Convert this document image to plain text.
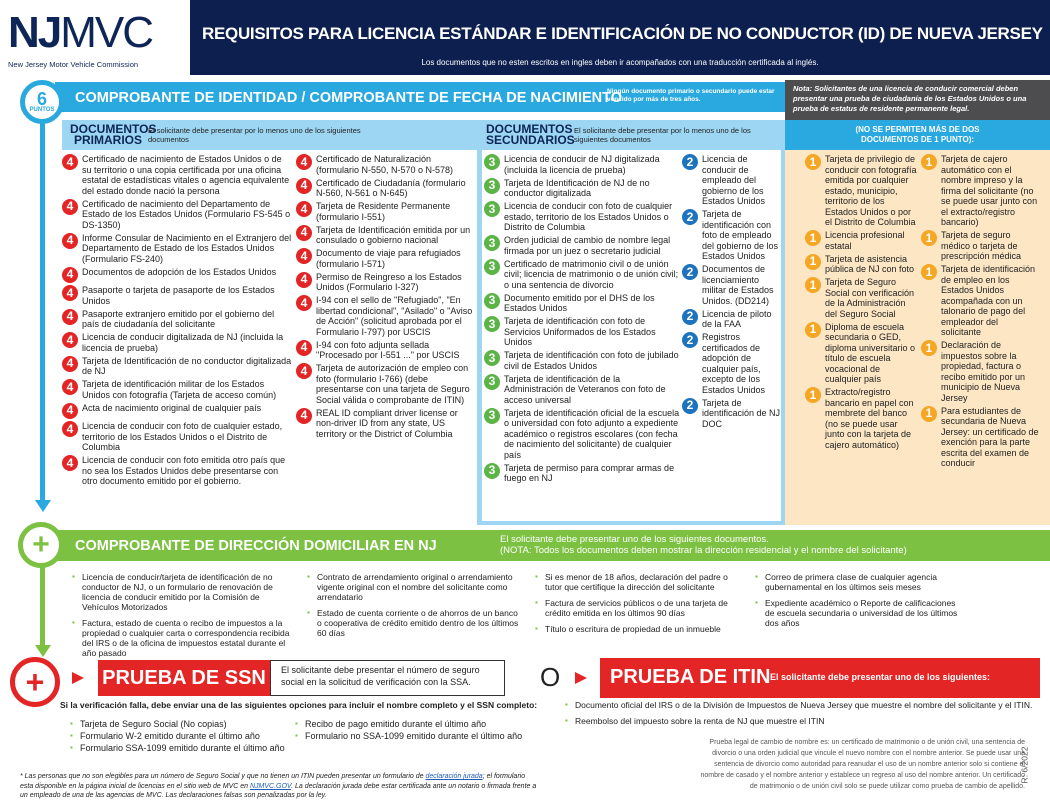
NJMVC
New Jersey Motor Vehicle Commission
REQUISITOS PARA LICENCIA ESTÁNDAR E IDENTIFICACIÓN DE NO CONDUCTOR (ID) DE NUEVA JERSEY

Los documentos que no esten escritos en ingles deben ir acompañados con una traducción certificada al inglés.

6
PUNTOS
COMPROBANTE DE IDENTIDAD / COMPROBANTE DE FECHA DE NACIMIENTO
Ningún documento primario o secundario puede estar vencido por más de tres años.
Nota: Solicitantes de una licencia de conducir comercial deben presentar una prueba de ciudadanía de los Estados Unidos o una prueba de estatus de residente permanente legal.
DOCUMENTOS PRIMARIOS
El solicitante debe presentar por lo menos uno de los siguientes documentos
DOCUMENTOS SECUNDARIOS
El solicitante debe presentar por lo menos uno de los siguientes documentos
(NO SE PERMITEN MÁS DE DOS DOCUMENTOS DE 1 PUNTO):
4 Certificado de nacimiento de Estados Unidos o de su territorio o una copia certificada por una oficina estatal de estadísticas vitales o agencia equivalente del estado donde nació la persona
4 Certificado de nacimiento del Departamento de Estado de los Estados Unidos (Formulario FS-545 o DS-1350)
4 Informe Consular de Nacimiento en el Extranjero del Departamento de Estado de los Estados Unidos (Formulario FS-240)
4 Documentos de adopción de los Estados Unidos
4 Pasaporte o tarjeta de pasaporte de los Estados Unidos
4 Pasaporte extranjero emitido por el gobierno del país de ciudadanía del solicitante
4 Licencia de conducir digitalizada de NJ (incluida la licencia de prueba)
4 Tarjeta de Identificación de no conductor digitalizada de NJ
4 Tarjeta de identificación militar de los Estados Unidos con fotografía (Tarjeta de acceso común)
4 Acta de nacimiento original de cualquier país
4 Licencia de conducir con foto de cualquier estado, territorio de los Estados Unidos o el Distrito de Columbia
4 Licencia de conducir con foto emitida otro país que no sea los Estados Unidos debe presentarse con otro documento emitido por el gobierno.
4 Certificado de Naturalización (formulario N-550, N-570 o N-578)
4 Certificado de Ciudadanía (formulario N-560, N-561 o N-645)
4 Tarjeta de Residente Permanente (formulario I-551)
4 Tarjeta de Identificación emitida por un consulado o gobierno nacional
4 Documento de viaje para refugiados (formulario I-571)
4 Permiso de Reingreso a los Estados Unidos (Formulario I-327)
4 I-94 con el sello de "Refugiado", "En libertad condicional", "Asilado" o "Aviso de Acción" (solicitud aprobada por el Formulario I-797) por USCIS
4 I-94 con foto adjunta sellada "Procesado por I-551 ..." por USCIS
4 Tarjeta de autorización de empleo con foto (formulario I-766) (debe presentarse con una tarjeta de Seguro Social válida o comprobante de ITIN)
4 REAL ID compliant driver license or non-driver ID from any state, US territory or the District of Columbia
3 Licencia de conducir de NJ digitalizada (incluida la licencia de prueba)
3 Tarjeta de Identificación de NJ de no conductor digitalizada
3 Licencia de conducir con foto de cualquier estado, territorio de los Estados Unidos o Distrito de Columbia
3 Orden judicial de cambio de nombre legal firmada por un juez o secretario judicial
3 Certificado de matrimonio civil o de unión civil; licencia de matrimonio o de unión civil; o una sentencia de divorcio
3 Documento emitido por el DHS de los Estados Unidos
3 Tarjeta de identificación con foto de Servicios Uniformados de los Estados Unidos
3 Tarjeta de identificación con foto de jubilado civil de Estados Unidos
3 Tarjeta de identificación de la Administración de Veteranos con foto de acceso universal
3 Tarjeta de identificación oficial de la escuela o universidad con foto adjunto a expediente académico o registros escolares (con fecha de nacimiento del solicitante) de cualquier país
3 Tarjeta de permiso para comprar armas de fuego en NJ
2 Licencia de conducir de empleado del gobierno de los Estados Unidos
2 Tarjeta de identificación con foto de empleado del gobierno de los Estados Unidos
2 Documentos de licenciamiento militar de Estados Unidos. (DD214)
2 Licencia de piloto de la FAA
2 Registros certificados de adopción de cualquier país, excepto de los Estados Unidos
2 Tarjeta de identificación de NJ DOC
1 Tarjeta de privilegio de conducir con fotografía emitida por cualquier estado, municipio, territorio de los Estados Unidos o por el Distrito de Columbia
1 Licencia profesional estatal
1 Tarjeta de asistencia pública de NJ con foto
1 Tarjeta de Seguro Social con verificación de la Administración del Seguro Social
1 Diploma de escuela secundaria o GED, diploma universitario o título de escuela vocacional de cualquier país
1 Extracto/registro bancario en papel con membrete del banco (no se puede usar junto con la tarjeta de cajero automático)
1 Tarjeta de cajero automático con el nombre impreso y la firma del solicitante (no se puede usar junto con el extracto/registro bancario)
1 Tarjeta de seguro médico o tarjeta de prescripción médica
1 Tarjeta de identificación de empleo en los Estados Unidos acompañada con un talonario de pago del empleador del solicitante
1 Declaración de impuestos sobre la propiedad, factura o recibo emitido por un municipio de Nueva Jersey
1 Para estudiantes de secundaria de Nueva Jersey: un certificado de exención para la parte escrita del examen de conducir
COMPROBANTE DE DIRECCIÓN DOMICILIAR EN NJ	El solicitante debe presentar uno de los siguientes documentos.
(NOTA: Todos los documentos deben mostrar la dirección residencial y el nombre del solicitante)
+
▪ Licencia de conducir/tarjeta de identificación de no conductor de NJ, o un formulario de renovación de licencia de conducir emitido por la Comisión de Vehículos Motorizados
▪ Factura, estado de cuenta o recibo de impuestos a la propiedad o cualquier carta o correspondencia recibida del IRS o de la oficina de impuestos estatal durante el año pasado
▪ Contrato de arrendamiento original o arrendamiento vigente original con el nombre del solicitante como arrendatario
▪ Estado de cuenta corriente o de ahorros de un banco o cooperativa de crédito emitido dentro de los últimos 60 días
▪ Si es menor de 18 años, declaración del padre o tutor que certifique la dirección del solicitante
▪ Factura de servicios públicos o de una tarjeta de crédito emitida en los últimos 90 días
▪ Título o escritura de propiedad de un inmueble
▪ Correo de primera clase de cualquier agencia gubernamental en los últimos seis meses
▪ Expediente académico o Reporte de calificaciones de escuela secundaria o universidad de los últimos dos años
+	PRUEBA DE SSN	El solicitante debe presentar el número de seguro social en la solicitud de verificación con la SSA.	O PRUEBA DE ITIN El solicitante debe presentar uno de los siguientes:
Si la verificación falla, debe enviar una de las siguientes opciones para incluir el nombre completo y el SSN completo:
▪ Tarjeta de Seguro Social (No copias)
▪ Formulario W-2 emitido durante el último año
▪ Formulario SSA-1099 emitido durante el último año
▪ Recibo de pago emitido durante el último año
▪ Formulario no SSA-1099 emitido durante el último año
▪ Documento oficial del IRS o de la División de Impuestos de Nueva Jersey que muestre el nombre del solicitante y el ITIN.
▪ Reembolso del impuesto sobre la renta de NJ que muestre el ITIN
* Las personas que no son elegibles para un número de Seguro Social y que no tienen un ITIN pueden presentar un formulario de declaración jurada; el formulario esta disponible en la página inicial de licencias en el sitio web de MVC en NJMVC.GOV. La declaración jurada debe estar certificada ante un notario o firmada frente a un empleado de una de las agencias de MVC. Las declaraciones falsas son penalizadas por la ley.
Prueba legal de cambio de nombre es: un certificado de matrimonio o de unión civil, una sentencia de divorcio o una orden judicial que vincule el nuevo nombre con el nombre anterior. Se puede usar una sentencia de divorcio como autoridad para reanudar el uso de un nombre anterior solo si contiene el nombre de casado y el nombre anterior y establece un regreso al uso del nombre anterior. Un certificado de matrimonio o de unión civil solo se puede utilizar como prueba de cambio de apellido.
R: 6/2022
